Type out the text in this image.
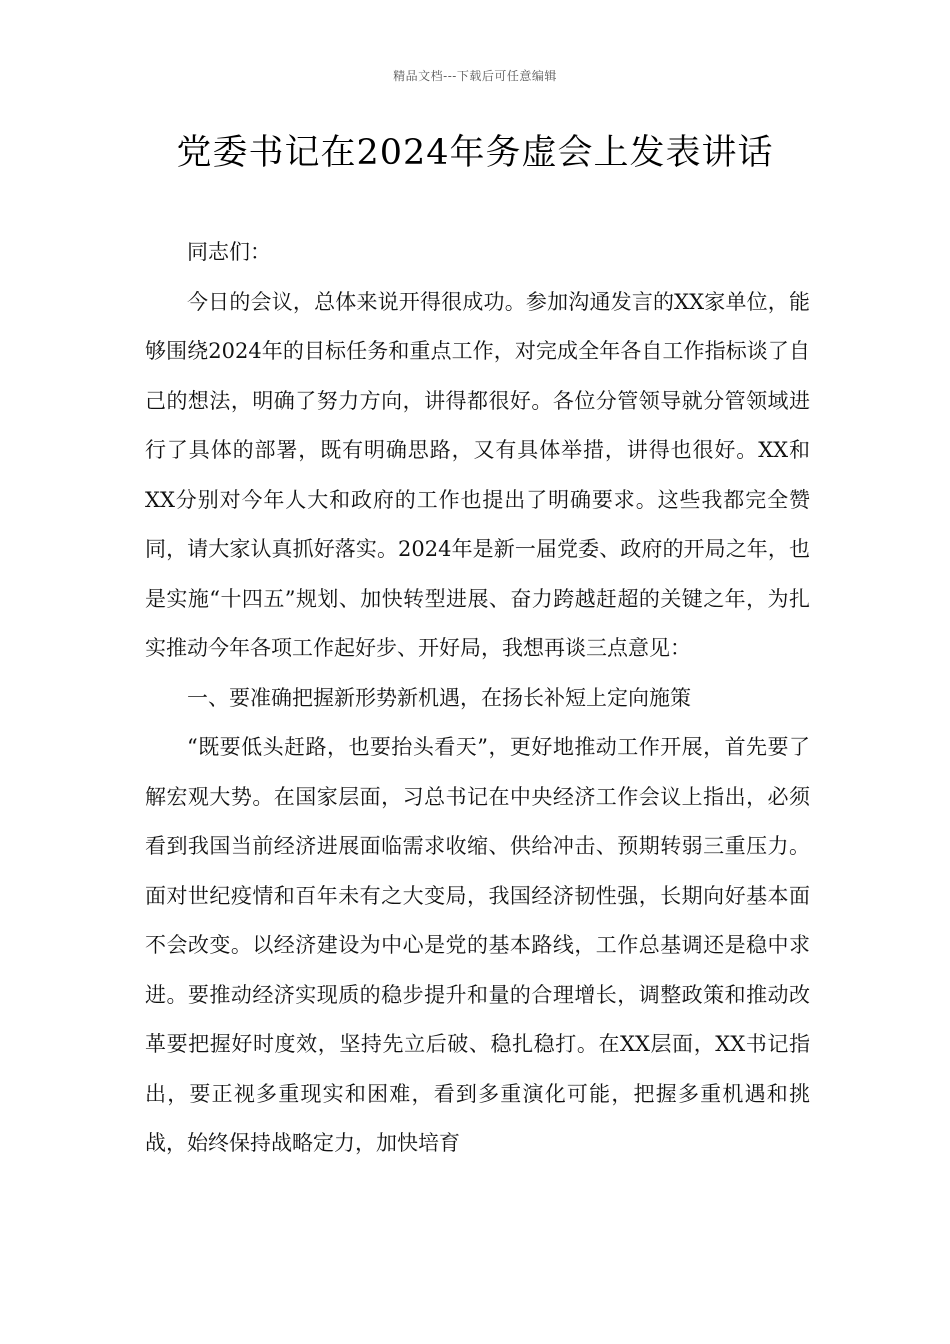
精品文档---下载后可任意编辑
党委书记在2024年务虚会上发表讲话

同志们：

今日的会议，总体来说开得很成功。参加沟通发言的XX家单位，能够围绕2024年的目标任务和重点工作，对完成全年各自工作指标谈了自己的想法，明确了努力方向，讲得都很好。各位分管领导就分管领域进行了具体的部署，既有明确思路，又有具体举措，讲得也很好。XX和XX分别对今年人大和政府的工作也提出了明确要求。这些我都完全赞同，请大家认真抓好落实。2024年是新一届党委、政府的开局之年，也是实施“十四五”规划、加快转型进展、奋力跨越赶超的关键之年，为扎实推动今年各项工作起好步、开好局，我想再谈三点意见：

一、要准确把握新形势新机遇，在扬长补短上定向施策

“既要低头赶路，也要抬头看天”，更好地推动工作开展，首先要了解宏观大势。在国家层面，习总书记在中央经济工作会议上指出，必须看到我国当前经济进展面临需求收缩、供给冲击、预期转弱三重压力。面对世纪疫情和百年未有之大变局，我国经济韧性强，长期向好基本面不会改变。以经济建设为中心是党的基本路线，工作总基调还是稳中求进。要推动经济实现质的稳步提升和量的合理增长，调整政策和推动改革要把握好时度效，坚持先立后破、稳扎稳打。在XX层面，XX书记指出，要正视多重现实和困难，看到多重演化可能，把握多重机遇和挑战，始终保持战略定力，加快培育
